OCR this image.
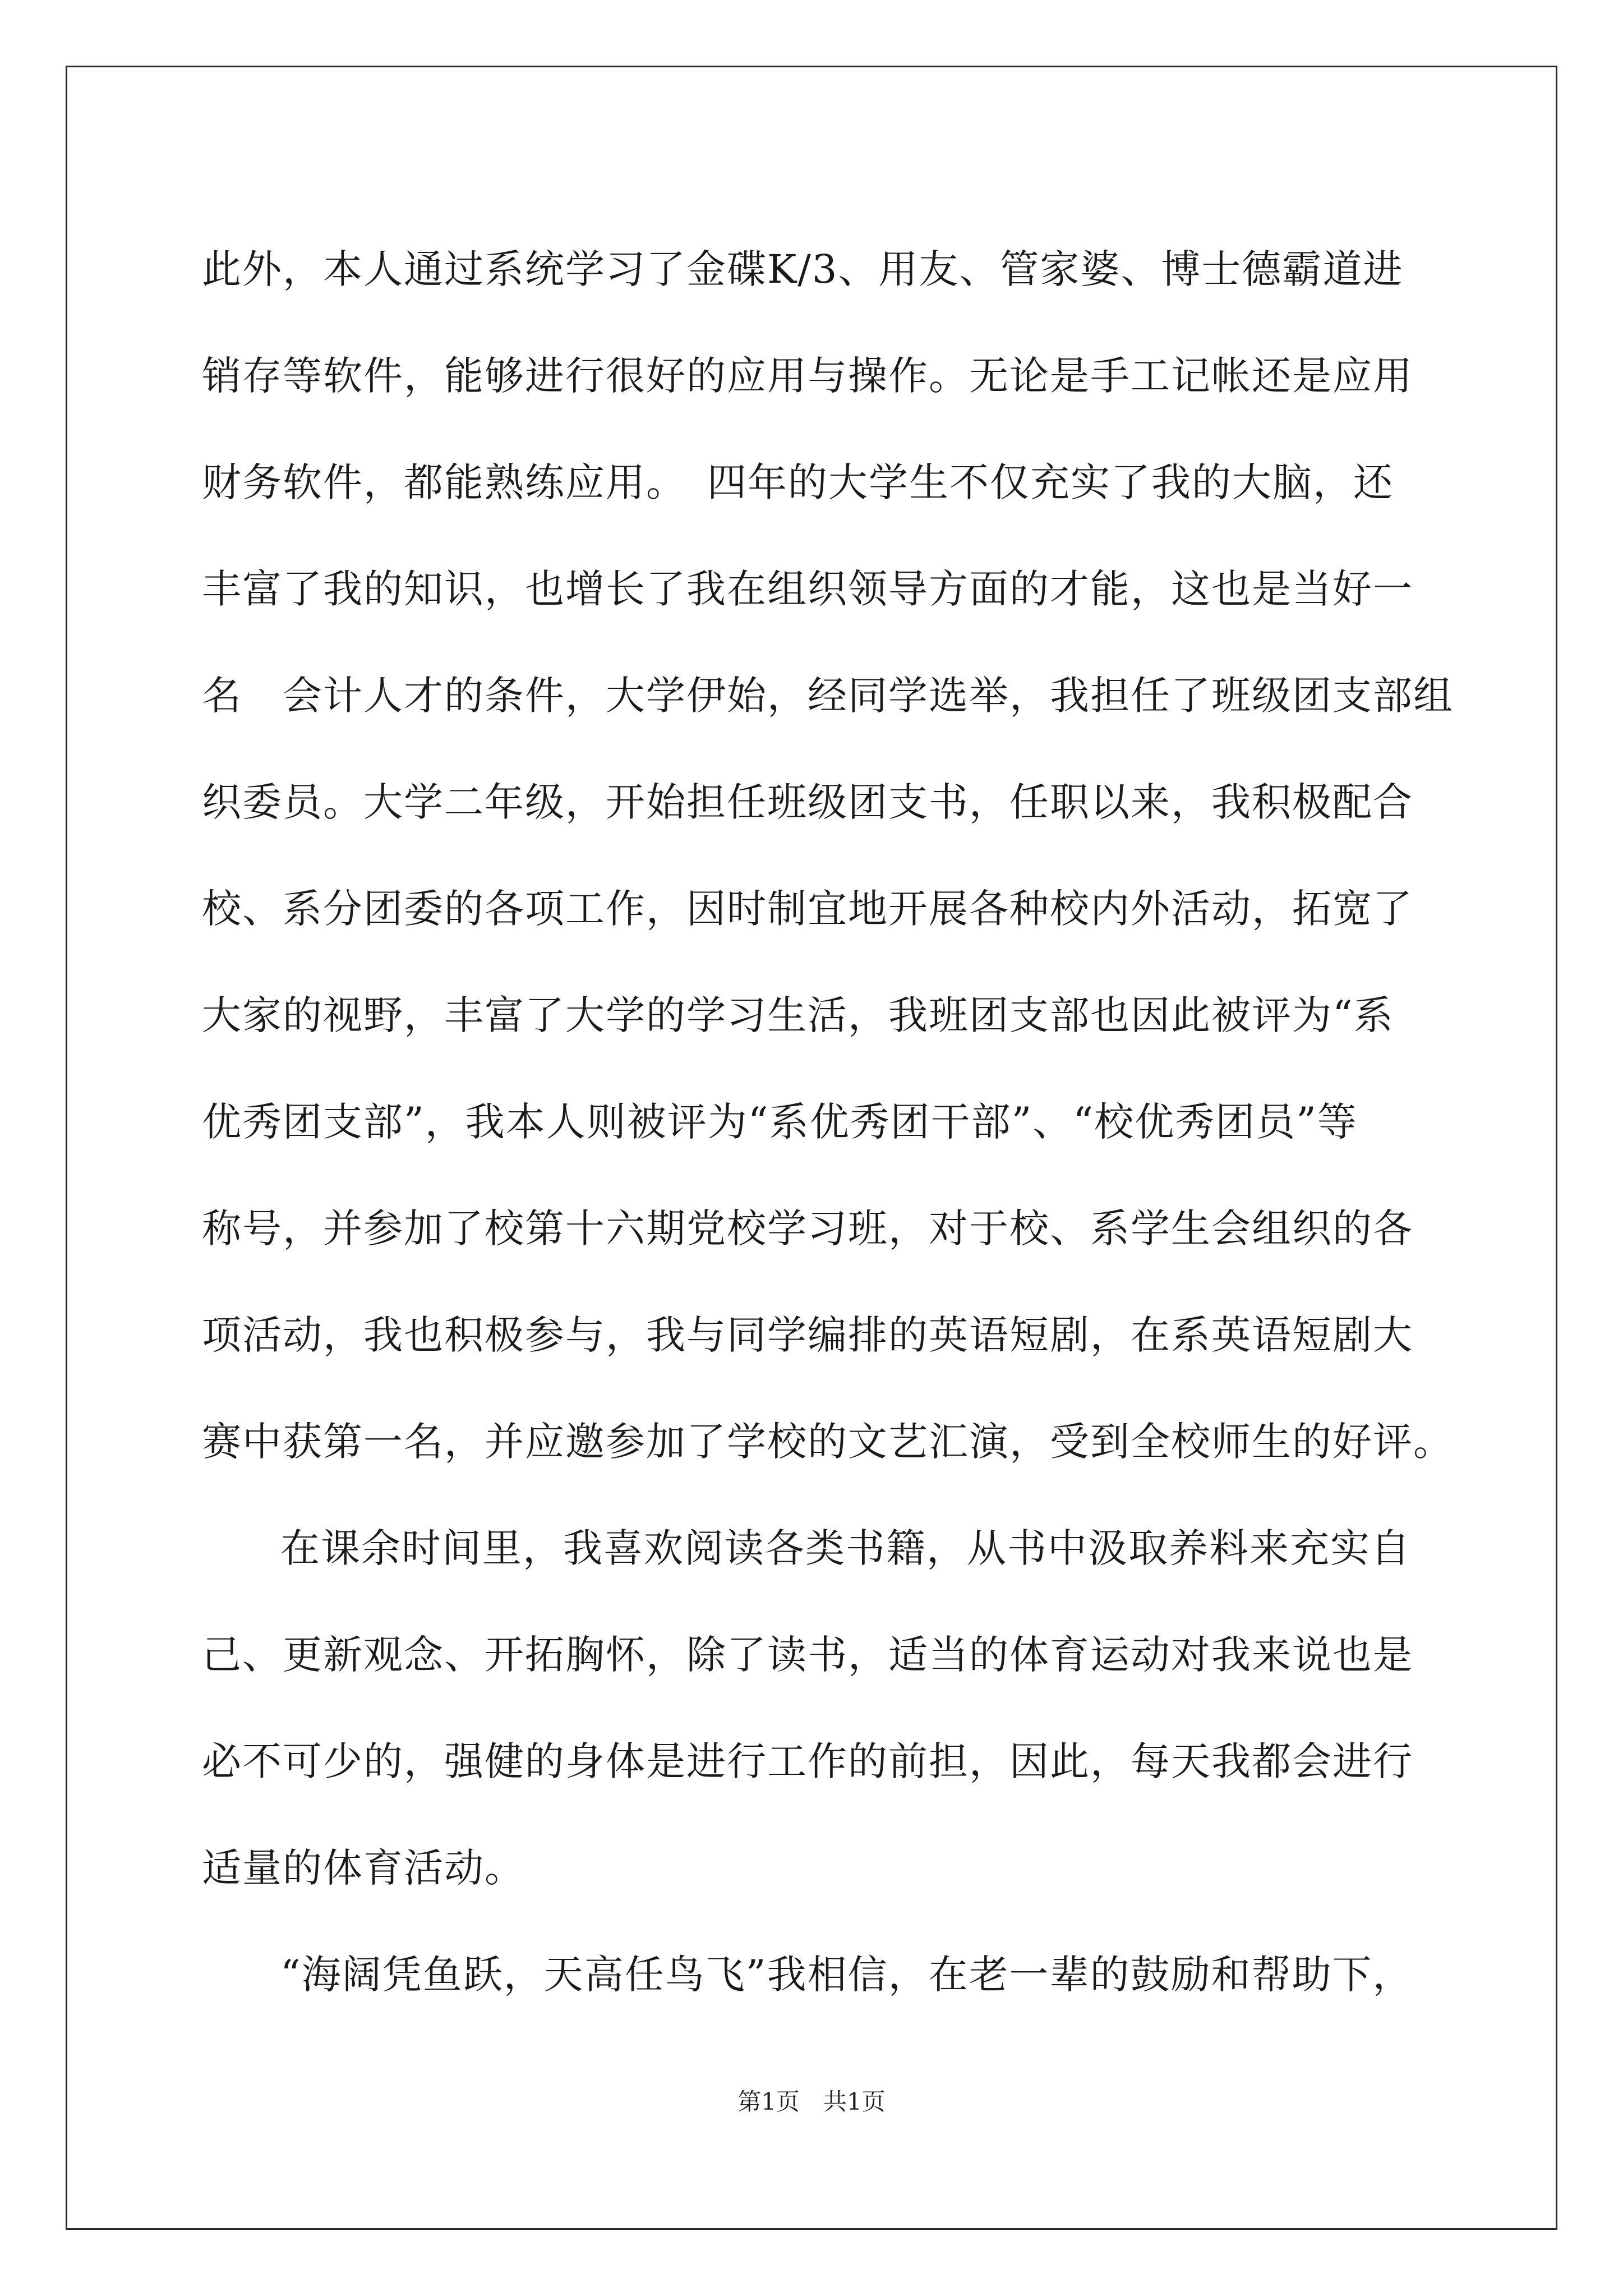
此外，本人通过系统学习了金碟K/3、用友、管家婆、博士德霸道进
销存等软件，能够进行很好的应用与操作。无论是手工记帐还是应用
财务软件，都能熟练应用。　四年的大学生不仅充实了我的大脑，还
丰富了我的知识，也增长了我在组织领导方面的才能，这也是当好一
名　会计人才的条件，大学伊始，经同学选举，我担任了班级团支部组
织委员。大学二年级，开始担任班级团支书，任职以来，我积极配合
校、系分团委的各项工作，因时制宜地开展各种校内外活动，拓宽了
大家的视野，丰富了大学的学习生活，我班团支部也因此被评为“系
优秀团支部”，我本人则被评为“系优秀团干部”、“校优秀团员”等
称号，并参加了校第十六期党校学习班，对于校、系学生会组织的各
项活动，我也积极参与，我与同学编排的英语短剧，在系英语短剧大
赛中获第一名，并应邀参加了学校的文艺汇演，受到全校师生的好评。
在课余时间里，我喜欢阅读各类书籍，从书中汲取养料来充实自
己、更新观念、开拓胸怀，除了读书，适当的体育运动对我来说也是
必不可少的，强健的身体是进行工作的前担，因此，每天我都会进行
适量的体育活动。
“海阔凭鱼跃，天高任鸟飞”我相信，在老一辈的鼓励和帮助下，
第1页　共1页
